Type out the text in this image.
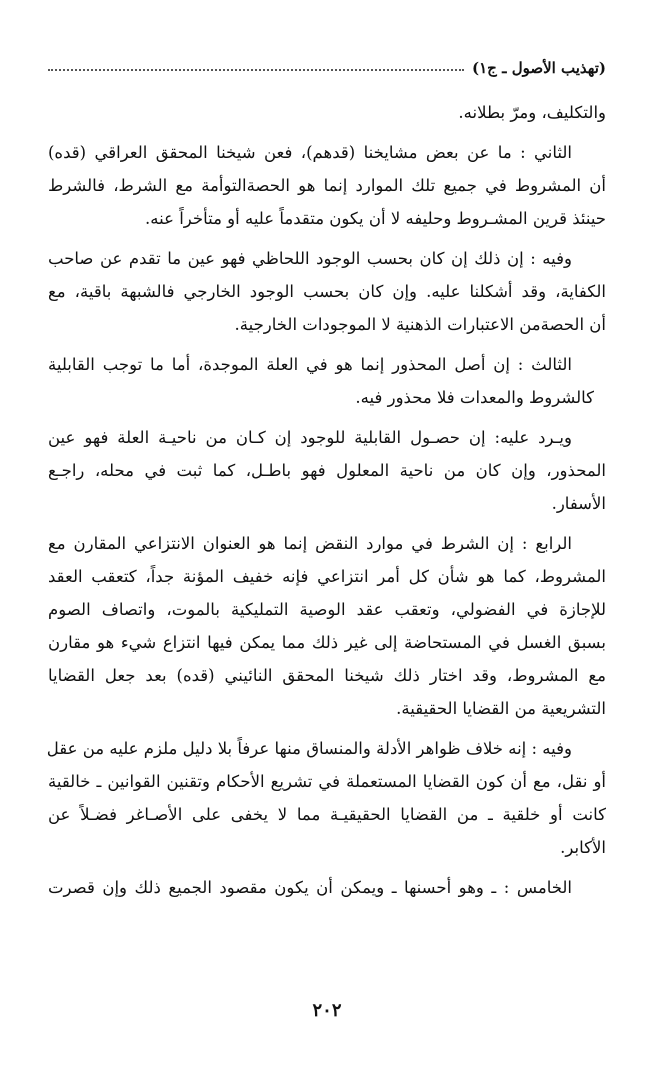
(تهذيب الأصول ـ ج١)
والتكليف، ومرّ بطلانه.
الثاني : ما عن بعض مشايخنا (قدهم)، فعن شيخنا المحقق العراقي (قده)
أن المشروط في جميع تلك الموارد إنما هو الحصةالتوأمة مع الشرط، فالشرط
حينئذ قرين المشـروط وحليفه لا أن يكون متقدماً عليه أو متأخراً عنه.
وفيه : إن ذلك إن كان بحسب الوجود اللحاظي فهو عين ما تقدم عن صاحب
الكفاية، وقد أشكلنا عليه. وإن كان بحسب الوجود الخارجي فالشبهة باقية، مع
أن الحصةمن الاعتبارات الذهنية لا الموجودات الخارجية.
الثالث : إن أصل المحذور إنما هو في العلة الموجدة، أما ما توجب القابلية
كالشروط والمعدات فلا محذور فيه.
ويـرد عليه: إن حصـول القابلية للوجود إن كـان من ناحيـة العلة فهو عين
المحذور، وإن كان من ناحية المعلول فهو باطـل، كما ثبت في محله، راجـع
الأسفار.
الرابع : إن الشرط في موارد النقض إنما هو العنوان الانتزاعي المقارن مع
المشروط، كما هو شأن كل أمر انتزاعي فإنه خفيف المؤنة جداً، كتعقب العقد
للإجازة في الفضولي، وتعقب عقد الوصية التمليكية بالموت، واتصاف الصوم
بسبق الغسل في المستحاضة إلى غير ذلك مما يمكن فيها انتزاع شيء هو مقارن
مع المشروط، وقد اختار ذلك شيخنا المحقق النائيني (قده) بعد جعل القضايا
التشريعية من القضايا الحقيقية.
وفيه : إنه خلاف ظواهر الأدلة والمنساق منها عرفاً بلا دليل ملزم عليه من عقل
أو نقل، مع أن كون القضايا المستعملة في تشريع الأحكام وتقنين القوانين ـ خالقية
كانت أو خلقية ـ من القضايا الحقيقيـة مما لا يخفى على الأصـاغر فضـلاً عن
الأكابر.
الخامس : ـ وهو أحسنها ـ ويمكن أن يكون مقصود الجميع ذلك وإن قصرت
٢٠٢
